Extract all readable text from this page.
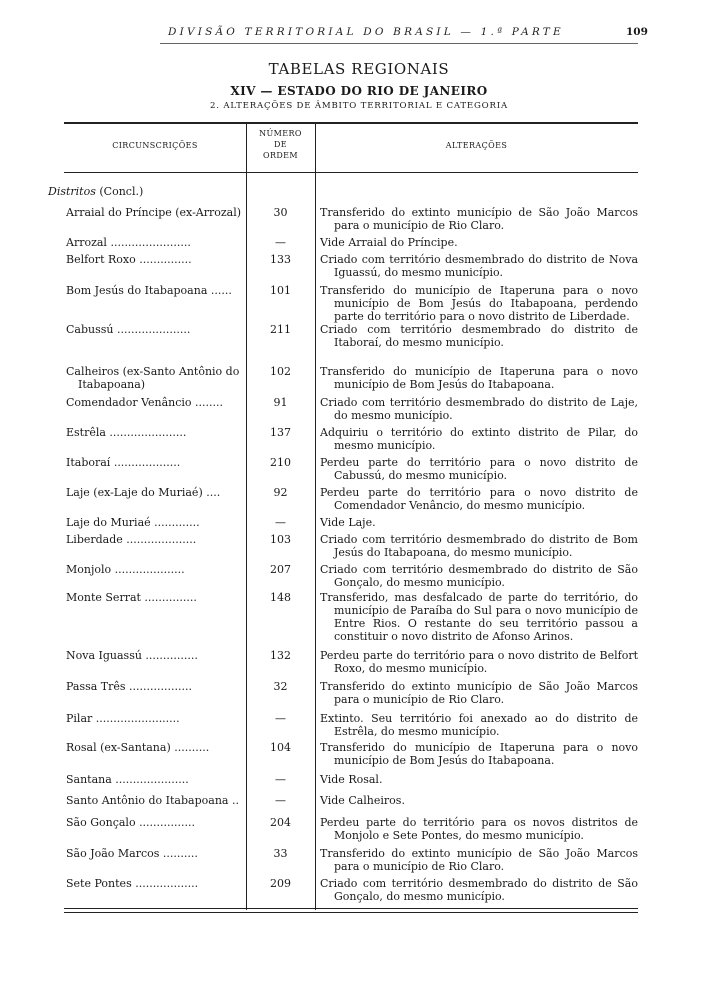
DIVISÃO TERRITORIAL DO BRASIL — 1.ª PARTE	109
TABELAS REGIONAIS
XIV — ESTADO DO RIO DE JANEIRO
2. ALTERAÇÕES DE ÂMBITO TERRITORIAL E CATEGORIA
CIRCUNSCRIÇÕES
NÚMERO
DE
ORDEM
ALTERAÇÕES
Distritos (Concl.)
Arraial do Príncipe (ex-Arrozal)	30	Transferido do extinto município de São João Marcos para o município de Rio Claro.
Arrozal .......................	—	Vide Arraial do Príncipe.
Belfort Roxo ...............	133	Criado com território desmembrado do distrito de Nova Iguassú, do mesmo município.
Bom Jesús do Itabapoana ......	101	Transferido do município de Itaperuna para o novo município de Bom Jesús do Itabapoana, perdendo parte do território para o novo distrito de Liberdade.
Cabussú .....................	211	Criado com território desmembrado do distrito de Itaboraí, do mesmo município.
Calheiros (ex-Santo Antônio do
Itabapoana)
102	Transferido do município de Itaperuna para o novo município de Bom Jesús do Itabapoana.
Comendador Venâncio ........	91	Criado com território desmembrado do distrito de Laje, do mesmo município.
Estrêla ......................	137	Adquiriu o território do extinto distrito de Pilar, do mesmo município.
Itaboraí ...................	210	Perdeu parte do território para o novo distrito de Cabussú, do mesmo município.
Laje (ex-Laje do Muriaé) ....	92	Perdeu parte do território para o novo distrito de Comendador Venâncio, do mesmo município.
Laje do Muriaé .............	—	Vide Laje.
Liberdade ....................	103	Criado com território desmembrado do distrito de Bom Jesús do Itabapoana, do mesmo município.
Monjolo ....................	207	Criado com território desmembrado do distrito de São Gonçalo, do mesmo município.
Monte Serrat ...............	148	Transferido, mas desfalcado de parte do território, do município de Paraíba do Sul para o novo município de Entre Rios. O restante do seu território passou a constituir o novo distrito de Afonso Arinos.
Nova Iguassú ...............	132	Perdeu parte do território para o novo distrito de Belfort Roxo, do mesmo município.
Passa Três ..................	32	Transferido do extinto município de São João Marcos para o município de Rio Claro.
Pilar ........................	—	Extinto. Seu território foi anexado ao do distrito de Estrêla, do mesmo município.
Rosal (ex-Santana) ..........	104	Transferido do município de Itaperuna para o novo município de Bom Jesús do Itabapoana.
Santana .....................	—	Vide Rosal.
Santo Antônio do Itabapoana ..	—	Vide Calheiros.
São Gonçalo ................	204	Perdeu parte do território para os novos distritos de Monjolo e Sete Pontes, do mesmo município.
São João Marcos ..........	33	Transferido do extinto município de São João Marcos para o município de Rio Claro.
Sete Pontes ..................	209	Criado com território desmembrado do distrito de São Gonçalo, do mesmo município.
